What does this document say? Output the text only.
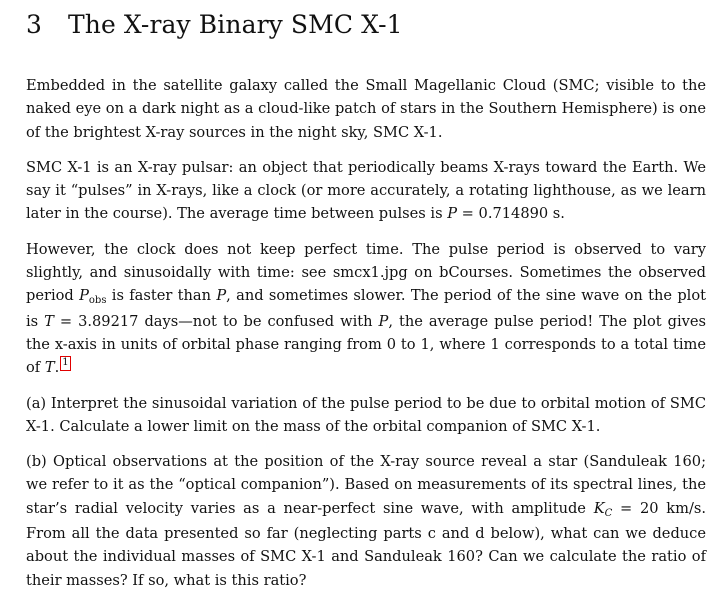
3	The X-ray Binary SMC X-1

Embedded in the satellite galaxy called the Small Magellanic Cloud (SMC; visible to the naked eye on a dark night as a cloud-like patch of stars in the Southern Hemisphere) is one of the brightest X-ray sources in the night sky, SMC X-1.

SMC X-1 is an X-ray pulsar: an object that periodically beams X-rays toward the Earth. We say it “pulses” in X-rays, like a clock (or more accurately, a rotating lighthouse, as we learn later in the course). The average time between pulses is P = 0.714890 s.

However, the clock does not keep perfect time. The pulse period is observed to vary slightly, and sinusoidally with time: see smcx1.jpg on bCourses. Sometimes the observed period $P_{obs}$ is faster than P, and sometimes slower. The period of the sine wave on the plot is T = 3.89217 days—not to be confused with P, the average pulse period! The plot gives the x-axis in units of orbital phase ranging from 0 to 1, where 1 corresponds to a total time of T. 1

(a) Interpret the sinusoidal variation of the pulse period to be due to orbital motion of SMC X-1. Calculate a lower limit on the mass of the orbital companion of SMC X-1.

(b) Optical observations at the position of the X-ray source reveal a star (Sanduleak 160; we refer to it as the “optical companion”). Based on measurements of its spectral lines, the star’s radial velocity varies as a near-perfect sine wave, with amplitude $K_C = 20$ km/s. From all the data presented so far (neglecting parts c and d below), what can we deduce about the individual masses of SMC X-1 and Sanduleak 160? Can we calculate the ratio of their masses? If so, what is this ratio?
